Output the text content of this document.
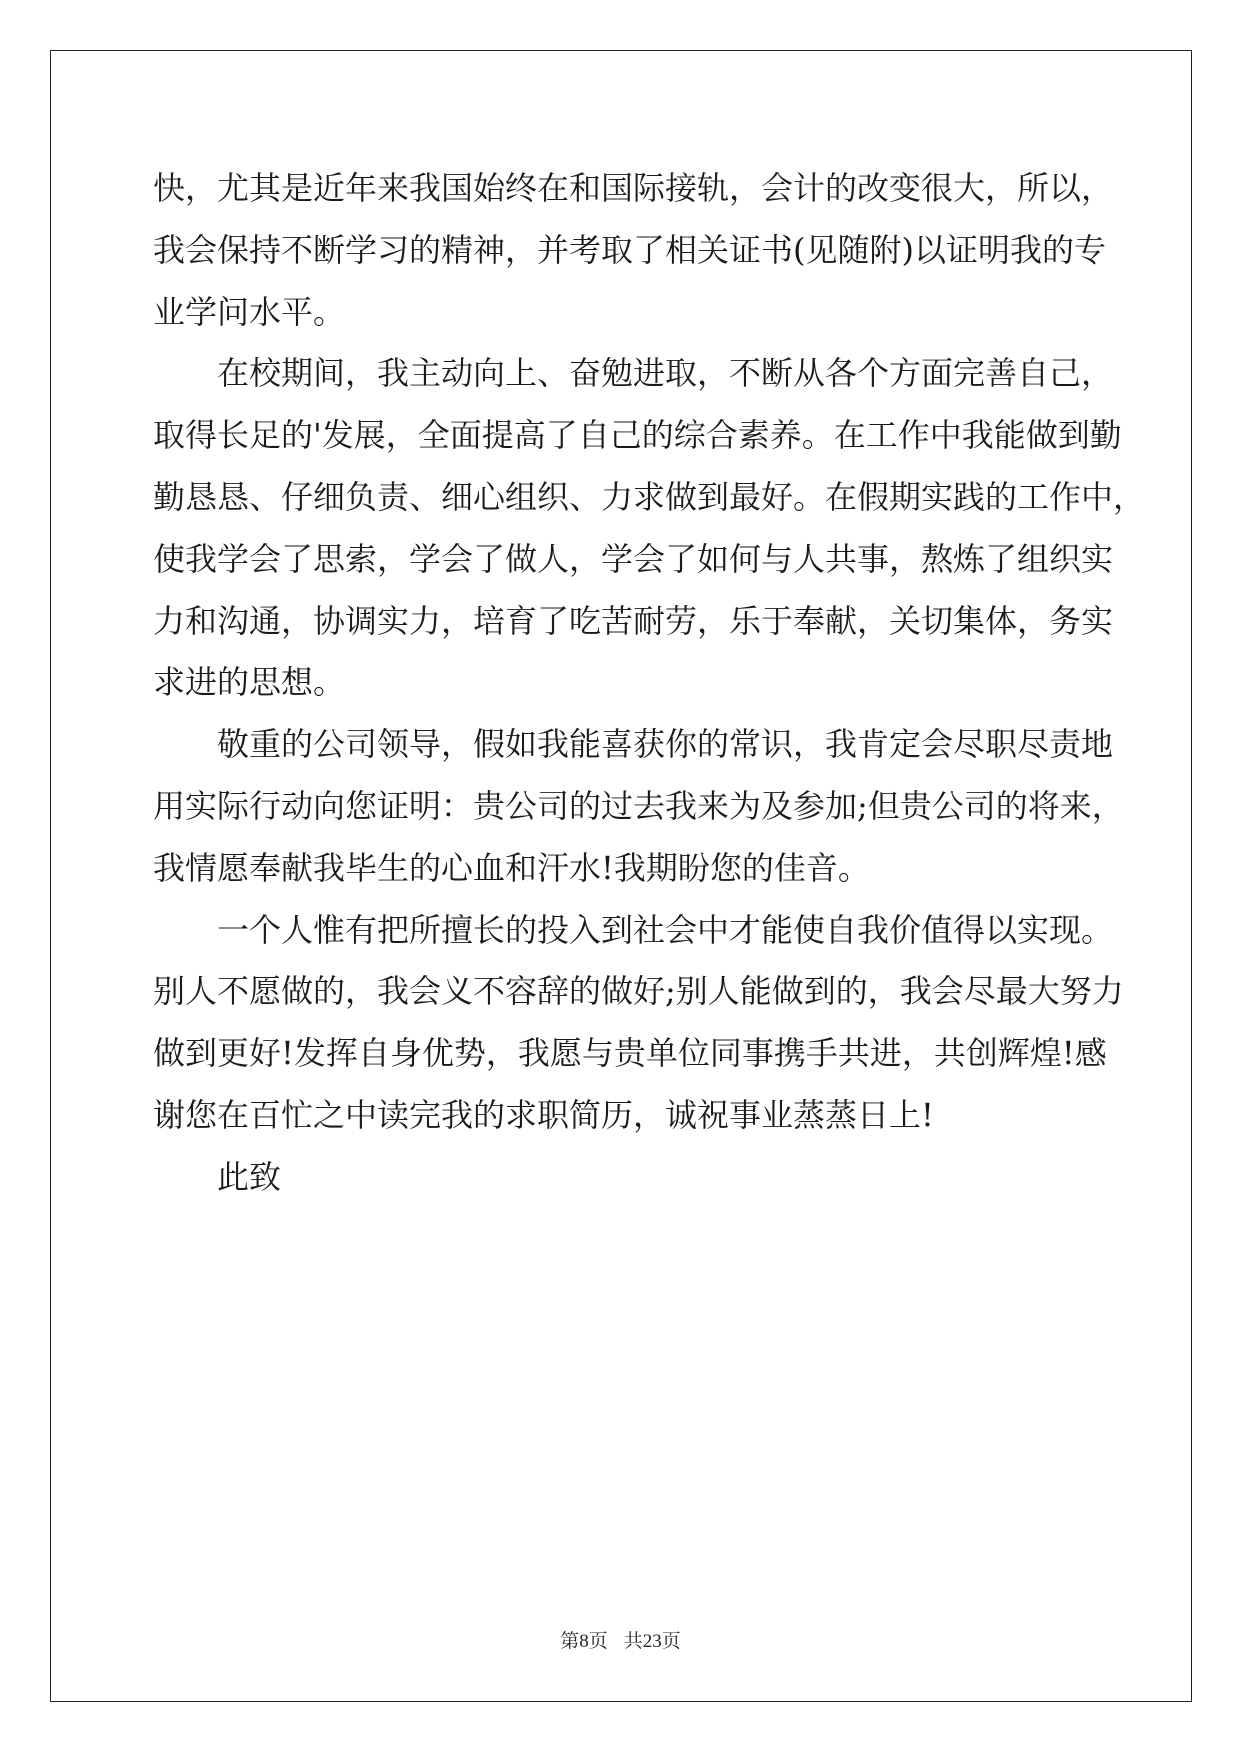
快，尤其是近年来我国始终在和国际接轨，会计的改变很大，所以，
我会保持不断学习的精神，并考取了相关证书(见随附)以证明我的专
业学问水平。
在校期间，我主动向上、奋勉进取，不断从各个方面完善自己，
取得长足的'发展，全面提高了自己的综合素养。在工作中我能做到勤
勤恳恳、仔细负责、细心组织、力求做到最好。在假期实践的工作中，
使我学会了思索，学会了做人，学会了如何与人共事，熬炼了组织实
力和沟通，协调实力，培育了吃苦耐劳，乐于奉献，关切集体，务实
求进的思想。
敬重的公司领导，假如我能喜获你的常识，我肯定会尽职尽责地
用实际行动向您证明：贵公司的过去我来为及参加;但贵公司的将来，
我情愿奉献我毕生的心血和汗水!我期盼您的佳音。
一个人惟有把所擅长的投入到社会中才能使自我价值得以实现。
别人不愿做的，我会义不容辞的做好;别人能做到的，我会尽最大努力
做到更好!发挥自身优势，我愿与贵单位同事携手共进，共创辉煌!感
谢您在百忙之中读完我的求职简历，诚祝事业蒸蒸日上!
此致
第8页 共23页
